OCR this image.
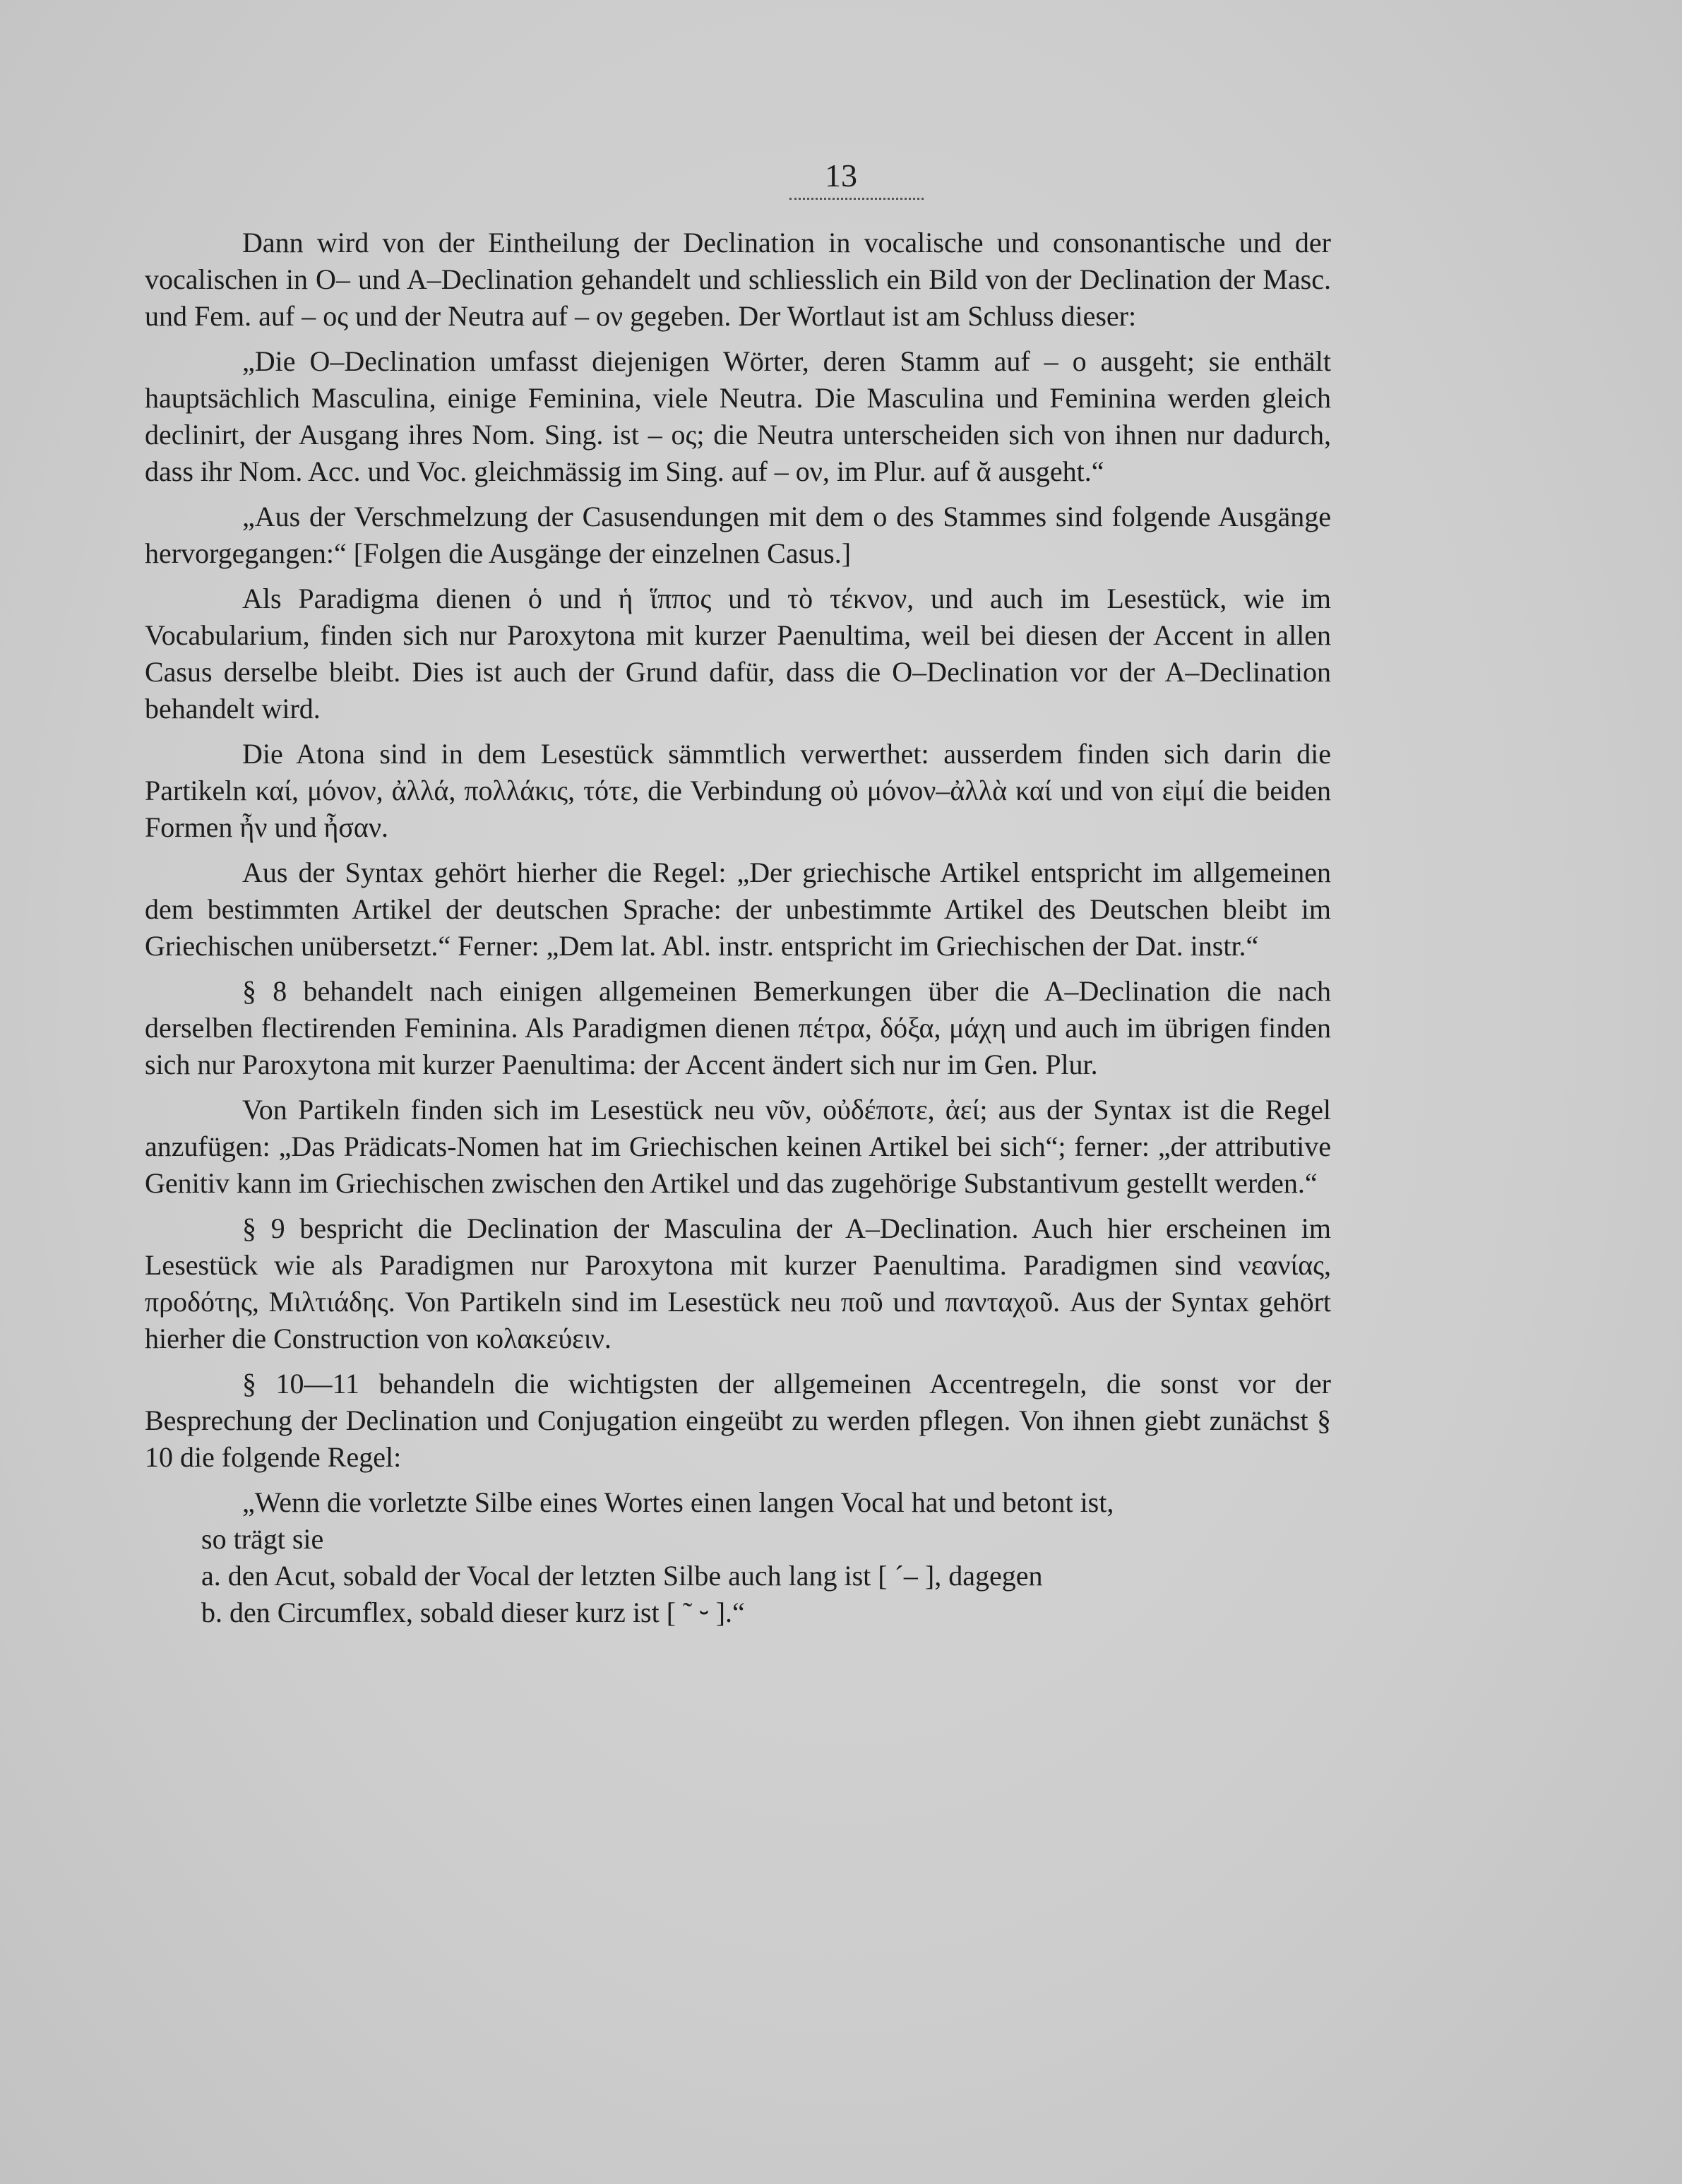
13

Dann wird von der Eintheilung der Declination in vocalische und consonantische und der vocalischen in O– und A–Declination gehandelt und schliesslich ein Bild von der Declination der Masc. und Fem. auf – ος und der Neutra auf – ον gegeben. Der Wortlaut ist am Schluss dieser:

„Die O–Declination umfasst diejenigen Wörter, deren Stamm auf – ο ausgeht; sie enthält hauptsächlich Masculina, einige Feminina, viele Neutra. Die Masculina und Feminina werden gleich declinirt, der Ausgang ihres Nom. Sing. ist – ος; die Neutra unterscheiden sich von ihnen nur dadurch, dass ihr Nom. Acc. und Voc. gleichmässig im Sing. auf – ον, im Plur. auf ᾰ ausgeht.“

„Aus der Verschmelzung der Casusendungen mit dem ο des Stammes sind folgende Ausgänge hervorgegangen:“ [Folgen die Ausgänge der einzelnen Casus.]

Als Paradigma dienen ὁ und ἡ ἵππος und τὸ τέκνον, und auch im Lesestück, wie im Vocabularium, finden sich nur Paroxytona mit kurzer Paenultima, weil bei diesen der Accent in allen Casus derselbe bleibt. Dies ist auch der Grund dafür, dass die O–Declination vor der A–Declination behandelt wird.

Die Atona sind in dem Lesestück sämmtlich verwerthet: ausserdem finden sich darin die Partikeln καί, μόνον, ἀλλά, πολλάκις, τότε, die Verbindung οὐ μόνον–ἀλλὰ καί und von εἰμί die beiden Formen ἦν und ἦσαν.

Aus der Syntax gehört hierher die Regel: „Der griechische Artikel entspricht im allgemeinen dem bestimmten Artikel der deutschen Sprache: der unbestimmte Artikel des Deutschen bleibt im Griechischen unübersetzt.“ Ferner: „Dem lat. Abl. instr. entspricht im Griechischen der Dat. instr.“

§ 8 behandelt nach einigen allgemeinen Bemerkungen über die A–Declination die nach derselben flectirenden Feminina. Als Paradigmen dienen πέτρα, δόξα, μάχη und auch im übrigen finden sich nur Paroxytona mit kurzer Paenultima: der Accent ändert sich nur im Gen. Plur.

Von Partikeln finden sich im Lesestück neu νῦν, οὐδέποτε, ἀεί; aus der Syntax ist die Regel anzufügen: „Das Prädicats-Nomen hat im Griechischen keinen Artikel bei sich“; ferner: „der attributive Genitiv kann im Griechischen zwischen den Artikel und das zugehörige Substantivum gestellt werden.“

§ 9 bespricht die Declination der Masculina der A–Declination. Auch hier erscheinen im Lesestück wie als Paradigmen nur Paroxytona mit kurzer Paenultima. Paradigmen sind νεανίας, προδότης, Μιλτιάδης. Von Partikeln sind im Lesestück neu ποῦ und πανταχοῦ. Aus der Syntax gehört hierher die Construction von κολακεύειν.

§ 10—11 behandeln die wichtigsten der allgemeinen Accentregeln, die sonst vor der Besprechung der Declination und Conjugation eingeübt zu werden pflegen. Von ihnen giebt zunächst § 10 die folgende Regel:

„Wenn die vorletzte Silbe eines Wortes einen langen Vocal hat und betont ist,

so trägt sie

a. den Acut, sobald der Vocal der letzten Silbe auch lang ist [ ´– ], dagegen

b. den Circumflex, sobald dieser kurz ist [ ῀ ⏑ ].“
